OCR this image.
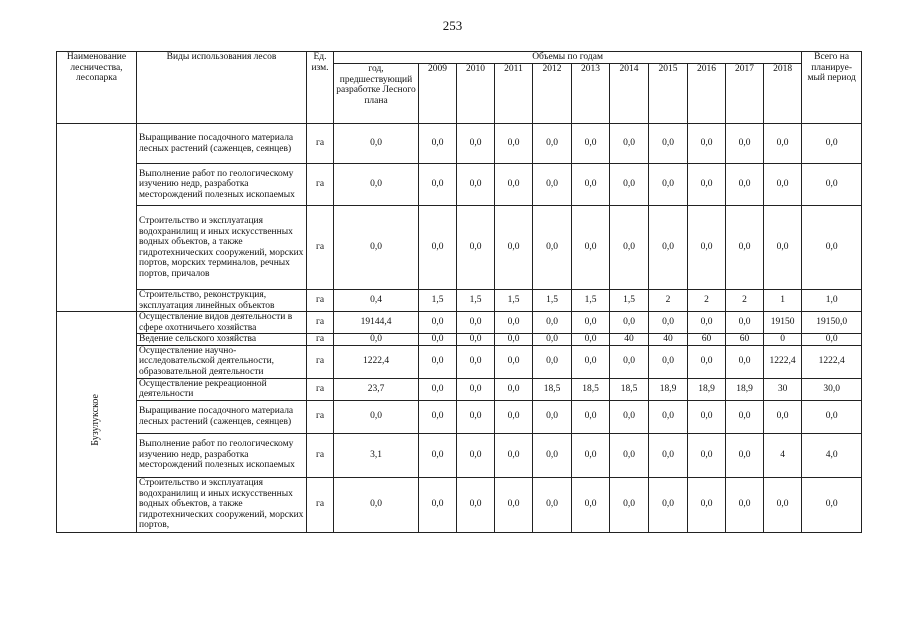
253
Наименование лесничества, лесопарка	Виды использования лесов	Ед. изм.	Объемы по годам											Всего на планируе-мый период
			год, предшествующий разработке Лесного плана	2009	2010	2011	2012	2013	2014	2015	2016	2017	2018	
	Выращивание посадочного материала лесных растений (саженцев, сеянцев)	га	0,0	0,0	0,0	0,0	0,0	0,0	0,0	0,0	0,0	0,0	0,0	0,0
	Выполнение работ по геологическому изучению недр, разработка месторождений полезных ископаемых	га	0,0	0,0	0,0	0,0	0,0	0,0	0,0	0,0	0,0	0,0	0,0	0,0
	Строительство и эксплуатация водохранилищ и иных искусственных водных объектов, а также гидротехнических сооружений, морских портов, морских терминалов, речных портов, причалов	га	0,0	0,0	0,0	0,0	0,0	0,0	0,0	0,0	0,0	0,0	0,0	0,0
	Строительство, реконструкция, эксплуатация линейных объектов	га	0,4	1,5	1,5	1,5	1,5	1,5	1,5	2	2	2	1	1,0
Бузулукское	Осуществление видов деятельности в сфере охотничьего хозяйства	га	19144,4	0,0	0,0	0,0	0,0	0,0	0,0	0,0	0,0	0,0	19150	19150,0
	Ведение сельского хозяйства	га	0,0	0,0	0,0	0,0	0,0	0,0	40	40	60	60	0	0,0
	Осуществление научно-исследовательской деятельности, образовательной деятельности	га	1222,4	0,0	0,0	0,0	0,0	0,0	0,0	0,0	0,0	0,0	1222,4	1222,4
	Осуществление рекреационной деятельности	га	23,7	0,0	0,0	0,0	18,5	18,5	18,5	18,9	18,9	18,9	30	30,0
	Выращивание посадочного материала лесных растений (саженцев, сеянцев)	га	0,0	0,0	0,0	0,0	0,0	0,0	0,0	0,0	0,0	0,0	0,0	0,0
	Выполнение работ по геологическому изучению недр, разработка месторождений полезных ископаемых	га	3,1	0,0	0,0	0,0	0,0	0,0	0,0	0,0	0,0	0,0	4	4,0
	Строительство и эксплуатация водохранилищ и иных искусственных водных объектов, а также гидротехнических сооружений, морских портов,	га	0,0	0,0	0,0	0,0	0,0	0,0	0,0	0,0	0,0	0,0	0,0	0,0
